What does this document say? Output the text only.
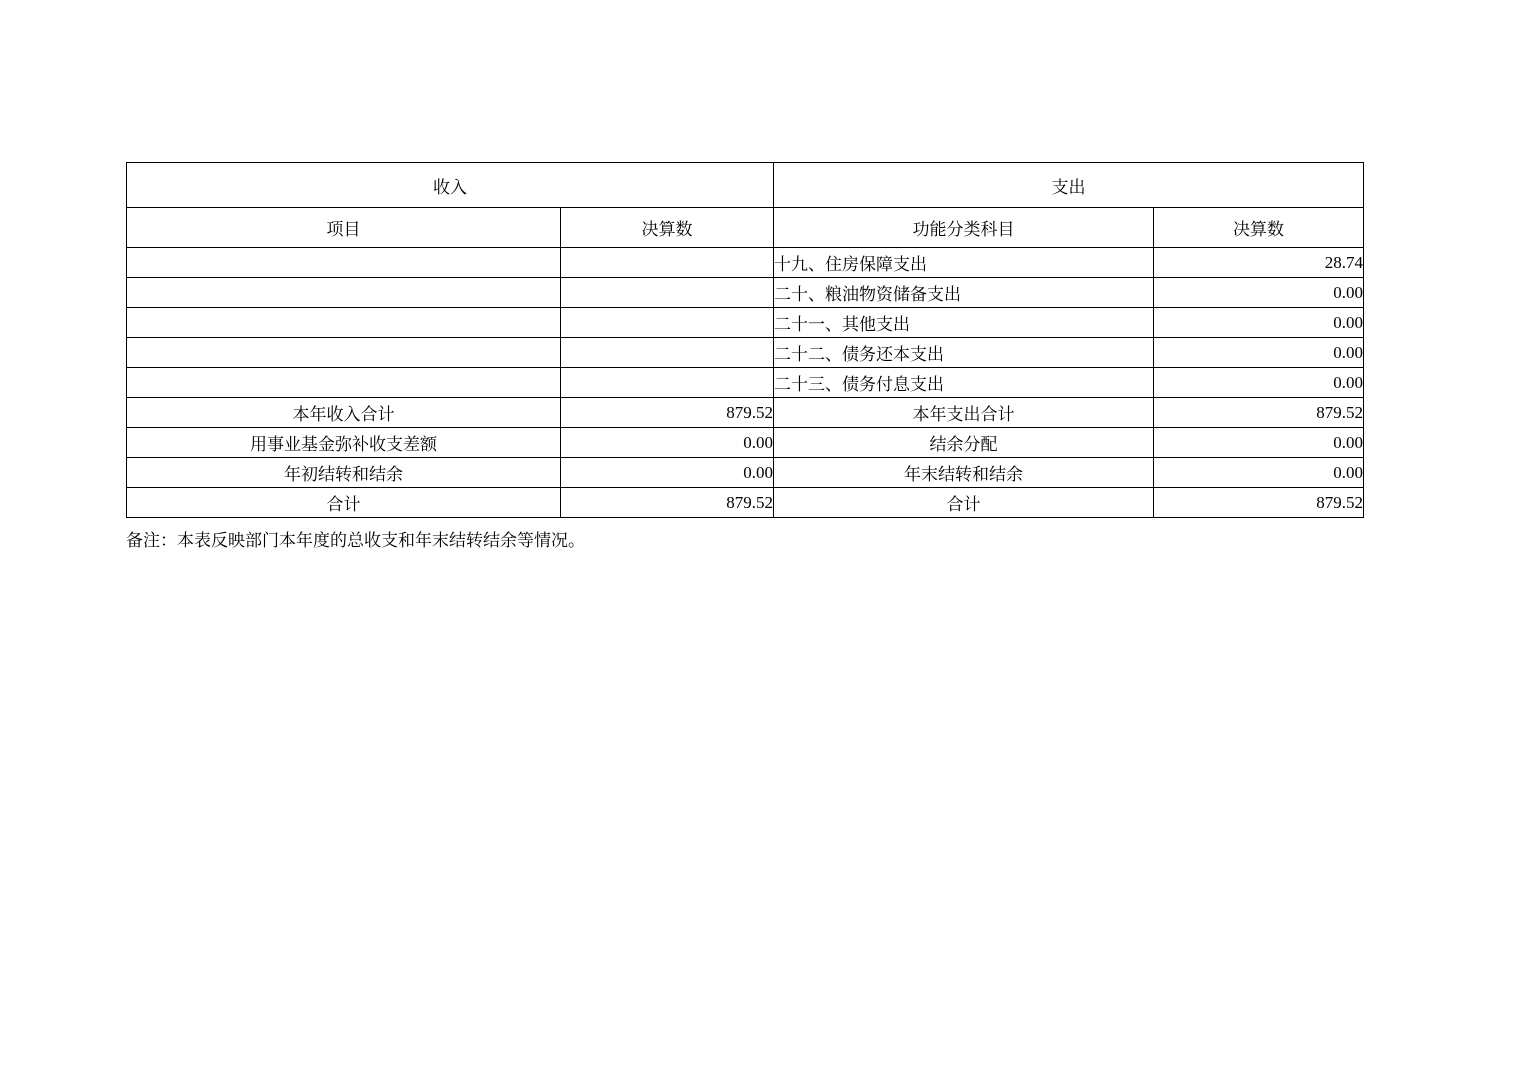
收入		支出	
项目	决算数	功能分类科目	决算数
		十九、住房保障支出	28.74
		二十、粮油物资储备支出	0.00
		二十一、其他支出	0.00
		二十二、债务还本支出	0.00
		二十三、债务付息支出	0.00
本年收入合计	879.52	本年支出合计	879.52
用事业基金弥补收支差额	0.00	结余分配	0.00
年初结转和结余	0.00	年末结转和结余	0.00
合计	879.52	合计	879.52
备注：本表反映部门本年度的总收支和年末结转结余等情况。
